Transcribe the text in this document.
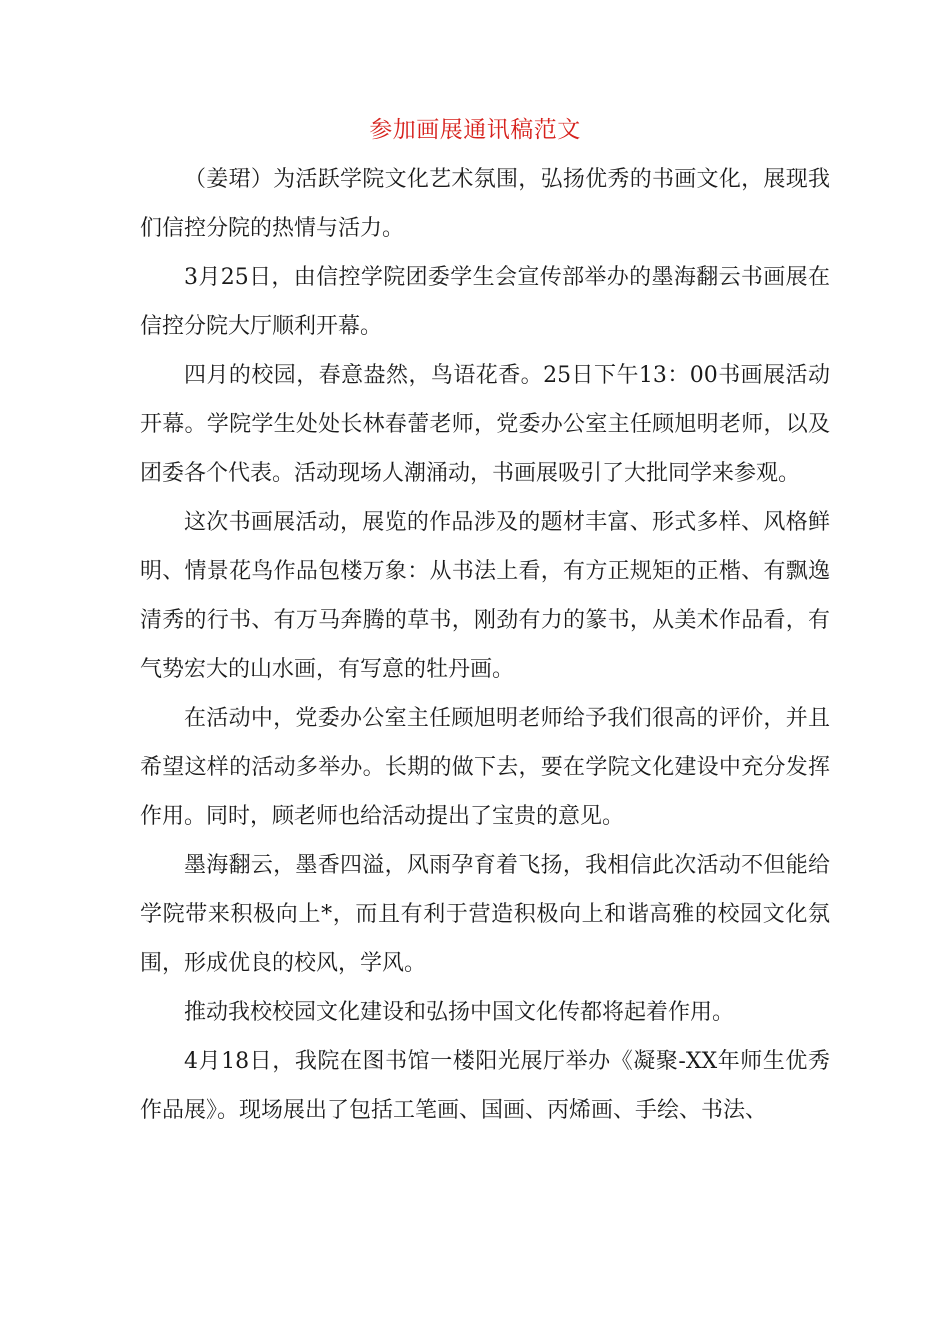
参加画展通讯稿范文

（姜珺）为活跃学院文化艺术氛围，弘扬优秀的书画文化，展现我们信控分院的热情与活力。

3月25日，由信控学院团委学生会宣传部举办的墨海翻云书画展在信控分院大厅顺利开幕。

四月的校园，春意盎然，鸟语花香。25日下午13：00书画展活动开幕。学院学生处处长林春蕾老师，党委办公室主任顾旭明老师，以及团委各个代表。活动现场人潮涌动，书画展吸引了大批同学来参观。

这次书画展活动，展览的作品涉及的题材丰富、形式多样、风格鲜明、情景花鸟作品包楼万象：从书法上看，有方正规矩的正楷、有飘逸清秀的行书、有万马奔腾的草书，刚劲有力的篆书，从美术作品看，有气势宏大的山水画，有写意的牡丹画。

在活动中，党委办公室主任顾旭明老师给予我们很高的评价，并且希望这样的活动多举办。长期的做下去，要在学院文化建设中充分发挥作用。同时，顾老师也给活动提出了宝贵的意见。

墨海翻云，墨香四溢，风雨孕育着飞扬，我相信此次活动不但能给学院带来积极向上*，而且有利于营造积极向上和谐高雅的校园文化氛围，形成优良的校风，学风。

推动我校校园文化建设和弘扬中国文化传都将起着作用。

4月18日，我院在图书馆一楼阳光展厅举办《凝聚-XX年师生优秀作品展》。现场展出了包括工笔画、国画、丙烯画、手绘、书法、
